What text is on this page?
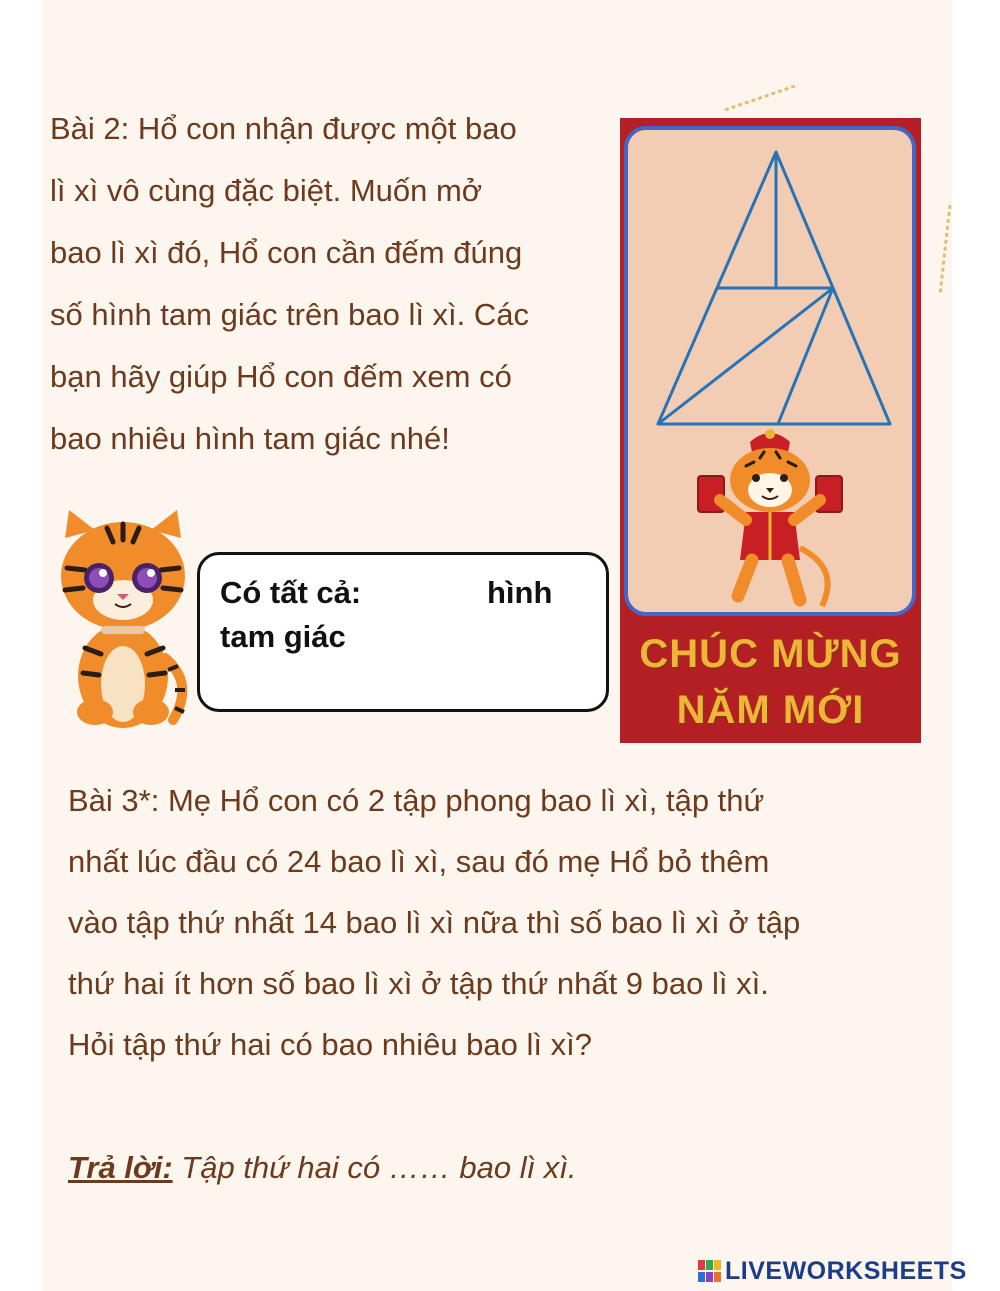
Bài 2: Hổ con nhận được một bao
lì xì vô cùng đặc biệt. Muốn mở
bao lì xì đó, Hổ con cần đếm đúng
số hình tam giác trên bao lì xì. Các
bạn hãy giúp Hổ con đếm xem có
bao nhiêu hình tam giác nhé!
CHÚC MỪNG
NĂM MỚI
Có tất cả:	hình
tam giác
Bài 3*: Mẹ Hổ con có 2 tập phong bao lì xì, tập thứ
nhất lúc đầu có 24 bao lì xì, sau đó mẹ Hổ bỏ thêm
vào tập thứ nhất 14 bao lì xì nữa thì số bao lì xì ở tập
thứ hai ít hơn số bao lì xì ở tập thứ nhất 9 bao lì xì.
Hỏi tập thứ hai có bao nhiêu bao lì xì?
Trả lời: Tập thứ hai có …… bao lì xì.
LIVEWORKSHEETS
